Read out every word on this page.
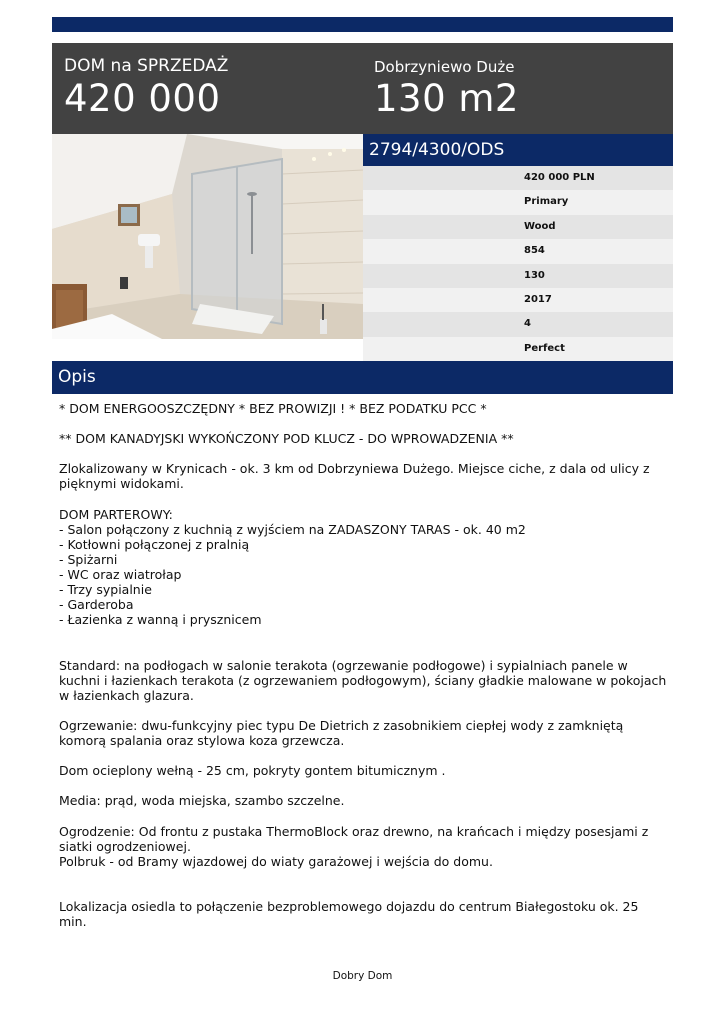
DOM na SPRZEDAŻ
420 000
Dobrzyniewo Duże
130 m2
2794/4300/ODS
420 000 PLN
Primary
Wood
854
130
2017
4
Perfect
Opis

* DOM ENERGOOSZCZĘDNY * BEZ PROWIZJI ! * BEZ PODATKU PCC *

** DOM KANADYJSKI WYKOŃCZONY POD KLUCZ - DO WPROWADZENIA **

Zlokalizowany w Krynicach - ok. 3 km od Dobrzyniewa Dużego. Miejsce ciche, z dala od ulicy z pięknymi widokami.

DOM PARTEROWY:
- Salon połączony z kuchnią z wyjściem na ZADASZONY TARAS - ok. 40 m2
- Kotłowni połączonej z pralnią
- Spiżarni
- WC oraz wiatrołap
- Trzy sypialnie
- Garderoba
- Łazienka z wanną i prysznicem

Standard: na podłogach w salonie terakota (ogrzewanie podłogowe) i sypialniach panele w kuchni i łazienkach terakota (z ogrzewaniem podłogowym), ściany gładkie malowane w pokojach w łazienkach glazura.

Ogrzewanie: dwu-funkcyjny piec typu De Dietrich z zasobnikiem ciepłej wody z zamkniętą komorą spalania oraz stylowa koza grzewcza.

Dom ocieplony wełną - 25 cm, pokryty gontem bitumicznym .

Media: prąd, woda miejska, szambo szczelne.

Ogrodzenie: Od frontu z pustaka ThermoBlock oraz drewno, na krańcach i między posesjami z siatki ogrodzeniowej.
Polbruk - od Bramy wjazdowej do wiaty garażowej i wejścia do domu.

Lokalizacja osiedla to połączenie bezproblemowego dojazdu do centrum Białegostoku ok. 25 min.

Dobry Dom
